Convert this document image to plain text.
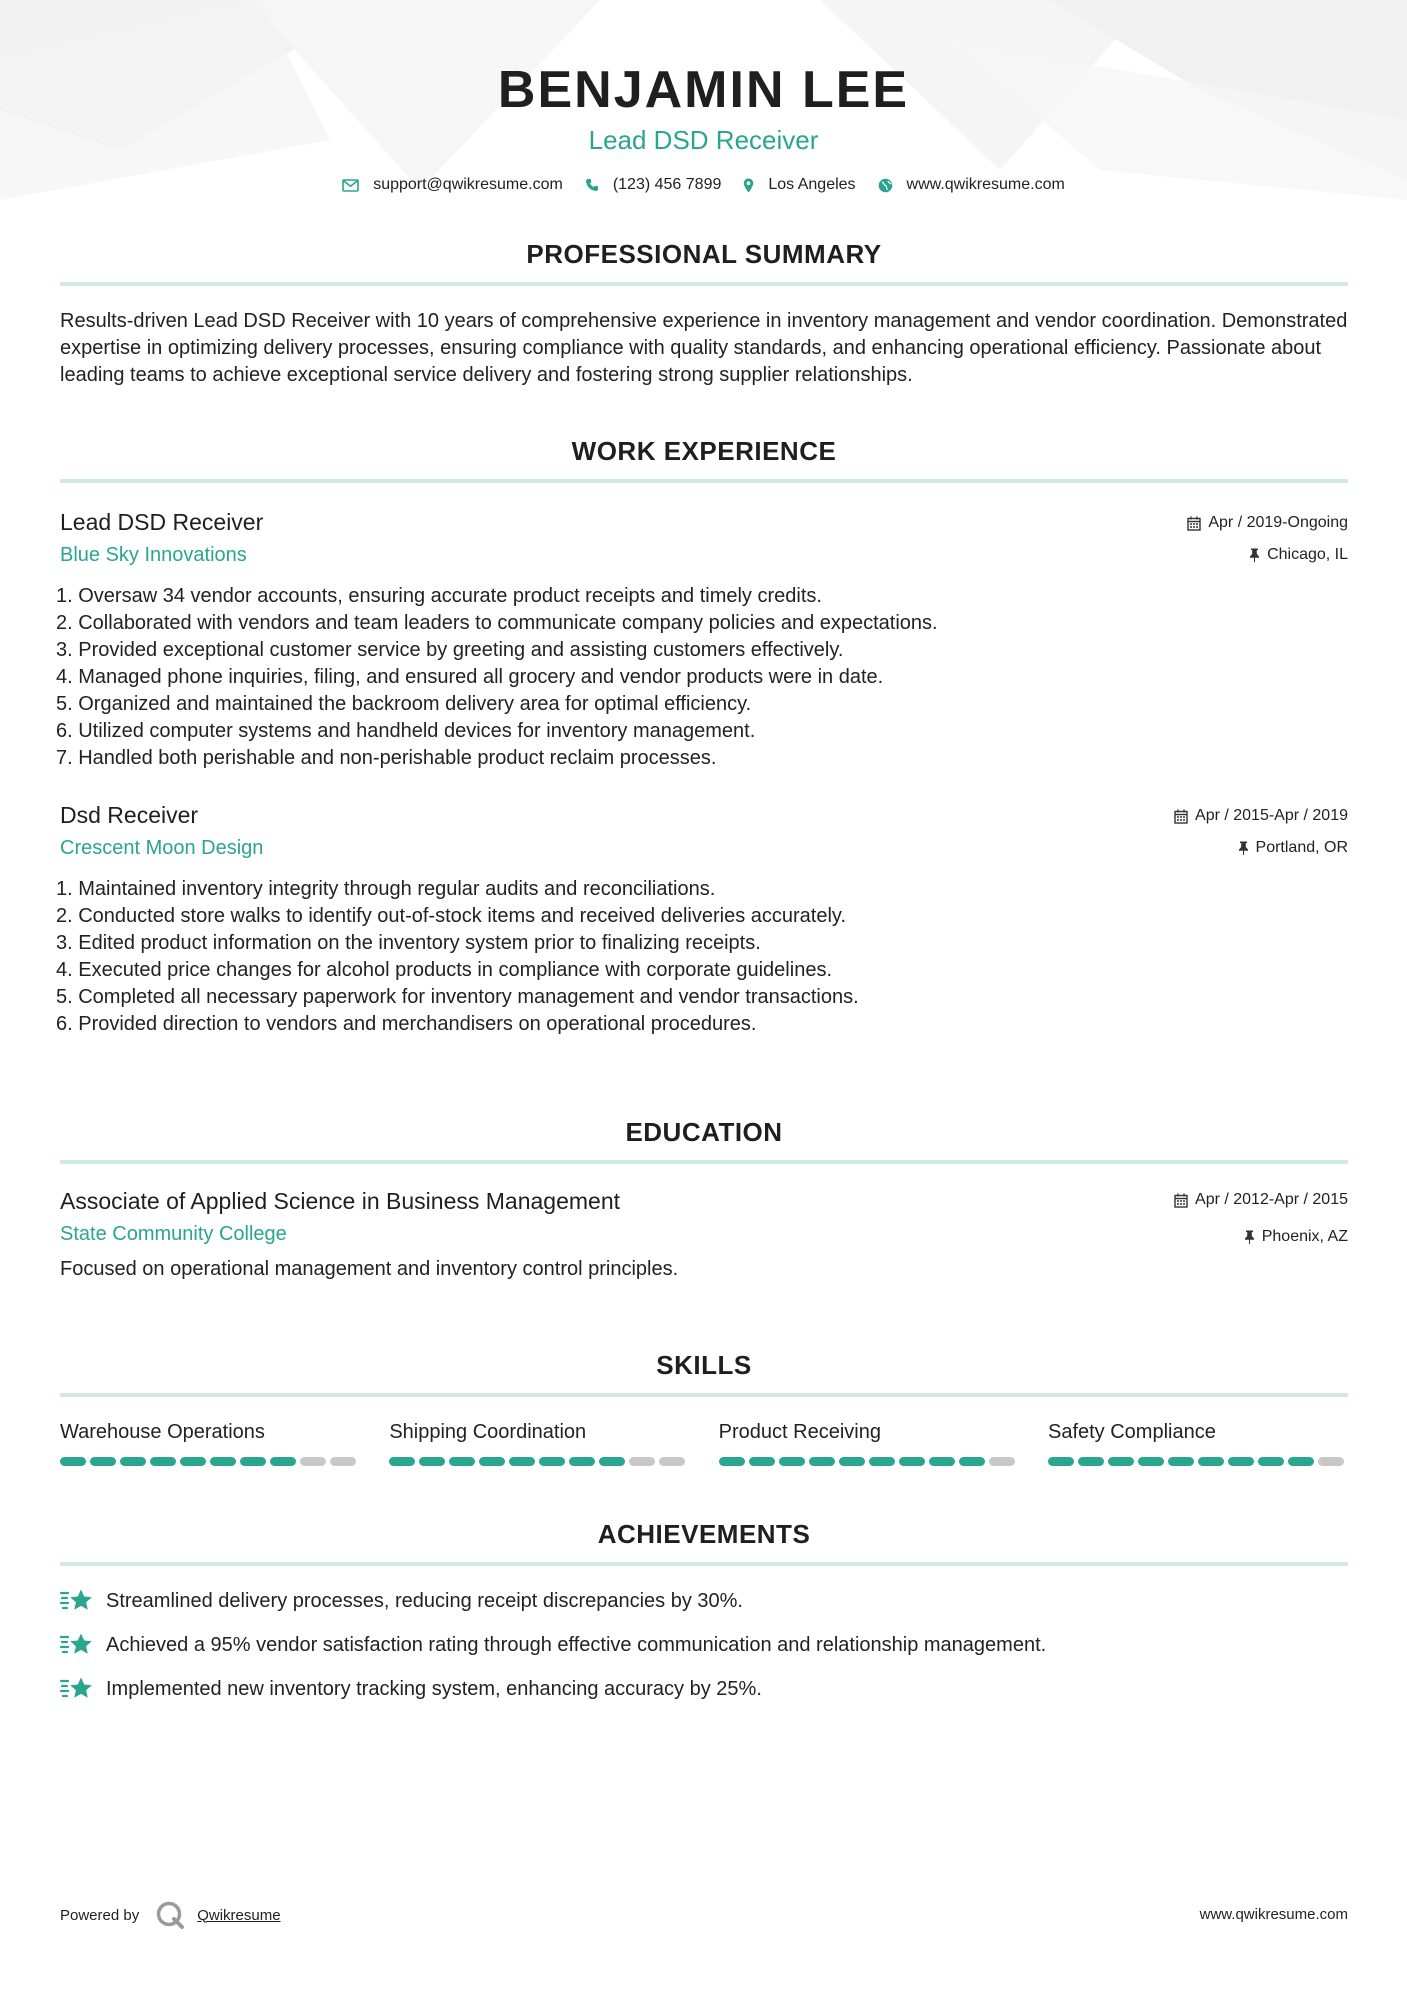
BENJAMIN LEE
Lead DSD Receiver
support@qwikresume.com	(123) 456 7899	Los Angeles	www.qwikresume.com
PROFESSIONAL SUMMARY
Results-driven Lead DSD Receiver with 10 years of comprehensive experience in inventory management and vendor coordination. Demonstrated expertise in optimizing delivery processes, ensuring compliance with quality standards, and enhancing operational efficiency. Passionate about leading teams to achieve exceptional service delivery and fostering strong supplier relationships.
WORK EXPERIENCE
Lead DSD Receiver
Blue Sky Innovations
Apr / 2019-Ongoing
Chicago, IL
1. Oversaw 34 vendor accounts, ensuring accurate product receipts and timely credits.
2. Collaborated with vendors and team leaders to communicate company policies and expectations.
3. Provided exceptional customer service by greeting and assisting customers effectively.
4. Managed phone inquiries, filing, and ensured all grocery and vendor products were in date.
5. Organized and maintained the backroom delivery area for optimal efficiency.
6. Utilized computer systems and handheld devices for inventory management.
7. Handled both perishable and non-perishable product reclaim processes.
Dsd Receiver
Crescent Moon Design
Apr / 2015-Apr / 2019
Portland, OR
1. Maintained inventory integrity through regular audits and reconciliations.
2. Conducted store walks to identify out-of-stock items and received deliveries accurately.
3. Edited product information on the inventory system prior to finalizing receipts.
4. Executed price changes for alcohol products in compliance with corporate guidelines.
5. Completed all necessary paperwork for inventory management and vendor transactions.
6. Provided direction to vendors and merchandisers on operational procedures.
EDUCATION
Associate of Applied Science in Business Management
State Community College
Apr / 2012-Apr / 2015
Phoenix, AZ
Focused on operational management and inventory control principles.
SKILLS
Warehouse Operations	Shipping Coordination	Product Receiving	Safety Compliance
ACHIEVEMENTS
Streamlined delivery processes, reducing receipt discrepancies by 30%.
Achieved a 95% vendor satisfaction rating through effective communication and relationship management.
Implemented new inventory tracking system, enhancing accuracy by 25%.
Powered by	Qwikresume	www.qwikresume.com
